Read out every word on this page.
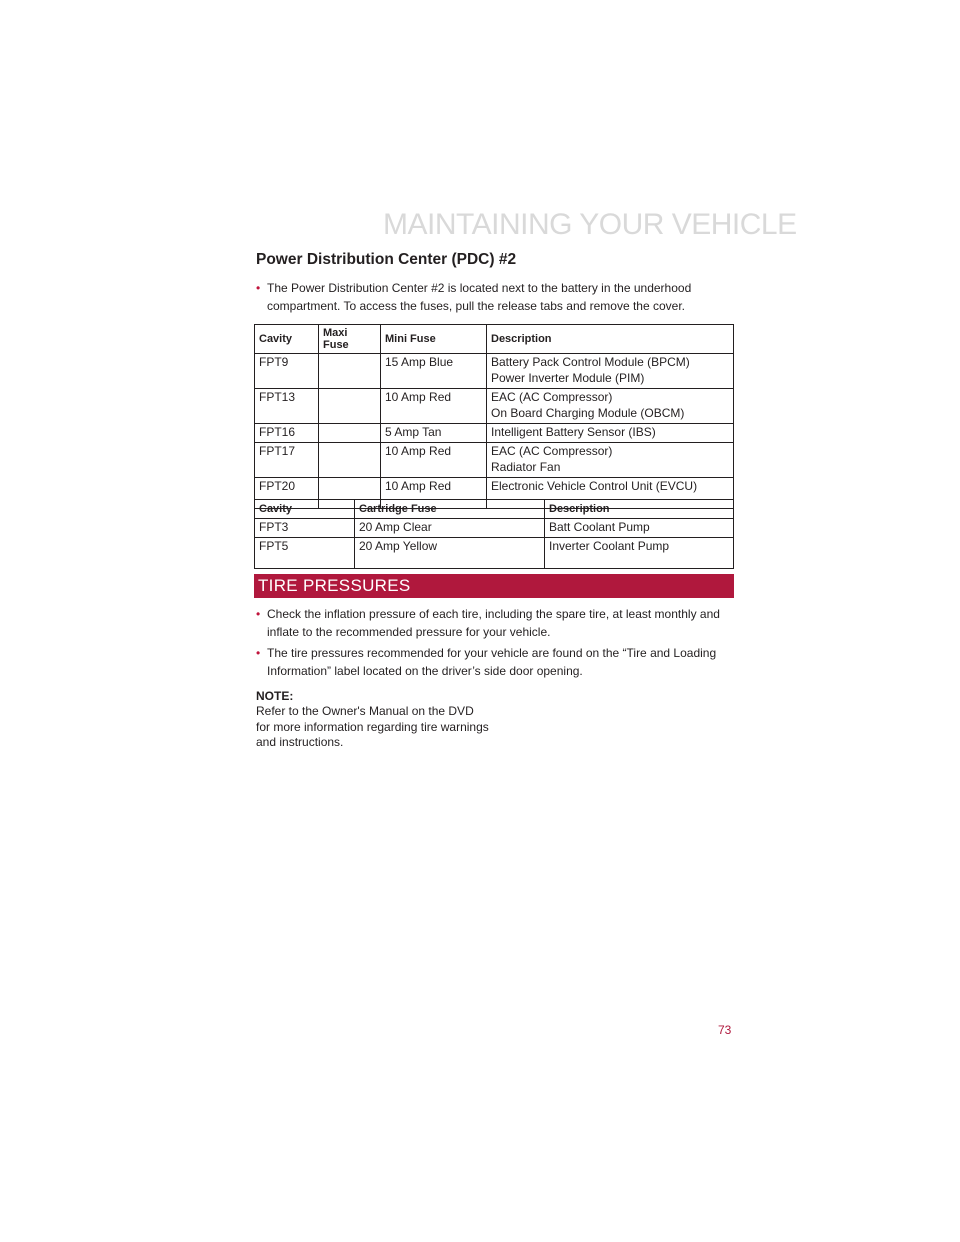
MAINTAINING YOUR VEHICLE
Power Distribution Center (PDC) #2
• The Power Distribution Center #2 is located next to the battery in the underhood
compartment. To access the fuses, pull the release tabs and remove the cover.
Cavity	Maxi Fuse	Mini Fuse	Description
FPT9		15 Amp Blue	Battery Pack Control Module (BPCM)
Power Inverter Module (PIM)

FPT13		10 Amp Red	EAC (AC Compressor)
On Board Charging Module (OBCM)

FPT16		5 Amp Tan	Intelligent Battery Sensor (IBS)

FPT17		10 Amp Red	EAC (AC Compressor)
Radiator Fan

FPT20		10 Amp Red	Electronic Vehicle Control Unit (EVCU)
Cavity	Cartridge Fuse	Description
FPT3	20 Amp Clear	Batt Coolant Pump
FPT5	20 Amp Yellow	Inverter Coolant Pump
TIRE PRESSURES
• Check the inflation pressure of each tire, including the spare tire, at least monthly and
inflate to the recommended pressure for your vehicle.
• The tire pressures recommended for your vehicle are found on the “Tire and Loading
Information” label located on the driver’s side door opening.
NOTE:
Refer to the Owner's Manual on the DVD
for more information regarding tire warnings
and instructions.
73
